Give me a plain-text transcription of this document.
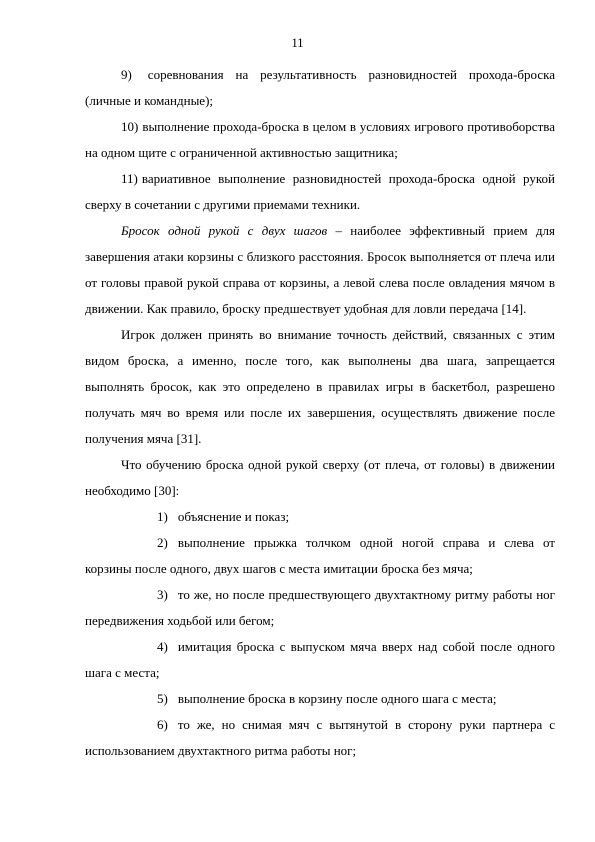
11

9) соревнования на результативность разновидностей прохода-броска (личные и командные);

10) выполнение прохода-броска в целом в условиях игрового противоборства на одном щите с ограниченной активностью защитника;

11) вариативное выполнение разновидностей прохода-броска одной рукой сверху в сочетании с другими приемами техники.

Бросок одной рукой с двух шагов – наиболее эффективный прием для завершения атаки корзины с близкого расстояния. Бросок выполняется от плеча или от головы правой рукой справа от корзины, а левой слева после овладения мячом в движении. Как правило, броску предшествует удобная для ловли передача [14].

Игрок должен принять во внимание точность действий, связанных с этим видом броска, а именно, после того, как выполнены два шага, запрещается выполнять бросок, как это определено в правилах игры в баскетбол, разрешено получать мяч во время или после их завершения, осуществлять движение после получения мяча [31].

Что обучению броска одной рукой сверху (от плеча, от головы) в движении необходимо [30]:

1) объяснение и показ;

2) выполнение прыжка толчком одной ногой справа и слева от корзины после одного, двух шагов с места имитации броска без мяча;

3) то же, но после предшествующего двухтактному ритму работы ног передвижения ходьбой или бегом;

4) имитация броска с выпуском мяча вверх над собой после одного шага с места;

5) выполнение броска в корзину после одного шага с места;

6) то же, но снимая мяч с вытянутой в сторону руки партнера с использованием двухтактного ритма работы ног;
